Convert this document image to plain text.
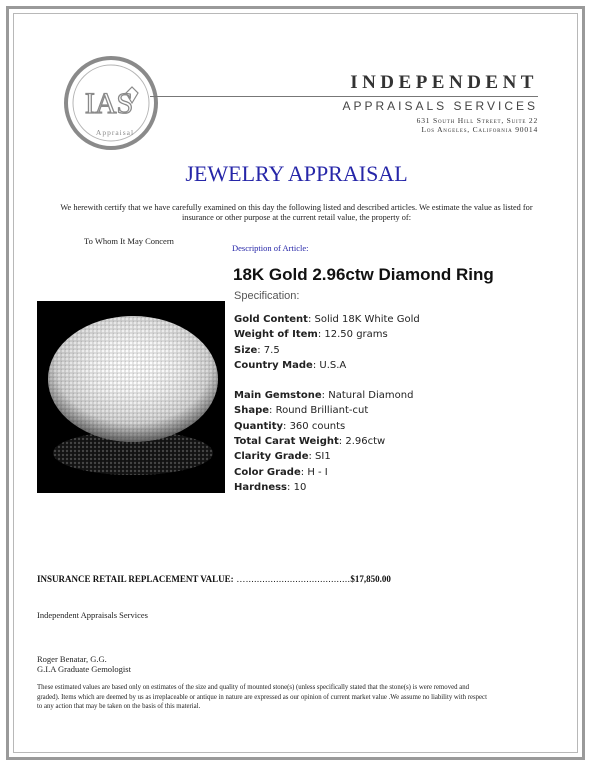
IAS
Appraisal
INDEPENDENT
APPRAISALS SERVICES
631 South Hill Street, Suite 22
Los Angeles, California 90014
JEWELRY APPRAISAL
We herewith certify that we have carefully examined on this day the following listed and described articles. We estimate the value as listed for insurance or other purpose at the current retail value, the property of:
To Whom It May Concern
Description of Article:
18K Gold 2.96ctw Diamond Ring
Specification:
Gold Content: Solid 18K White Gold
Weight of Item: 12.50 grams
Size: 7.5
Country Made: U.S.A
Main Gemstone: Natural Diamond
Shape: Round Brilliant-cut
Quantity: 360 counts
Total Carat Weight: 2.96ctw
Clarity Grade: SI1
Color Grade: H - I
Hardness: 10
INSURANCE RETAIL REPLACEMENT VALUE: …......................................$17,850.00
Independent Appraisals Services
Roger Benatar, G.G.
G.I.A Graduate Gemologist
These estimated values are based only on estimates of the size and quality of mounted stone(s) (unless specifically stated that the stone(s) is were removed and graded). Items which are deemed by us as irreplaceable or antique in nature are expressed as our opinion of current market value .We assume no liability with respect to any action that may be taken on the basis of this material.
